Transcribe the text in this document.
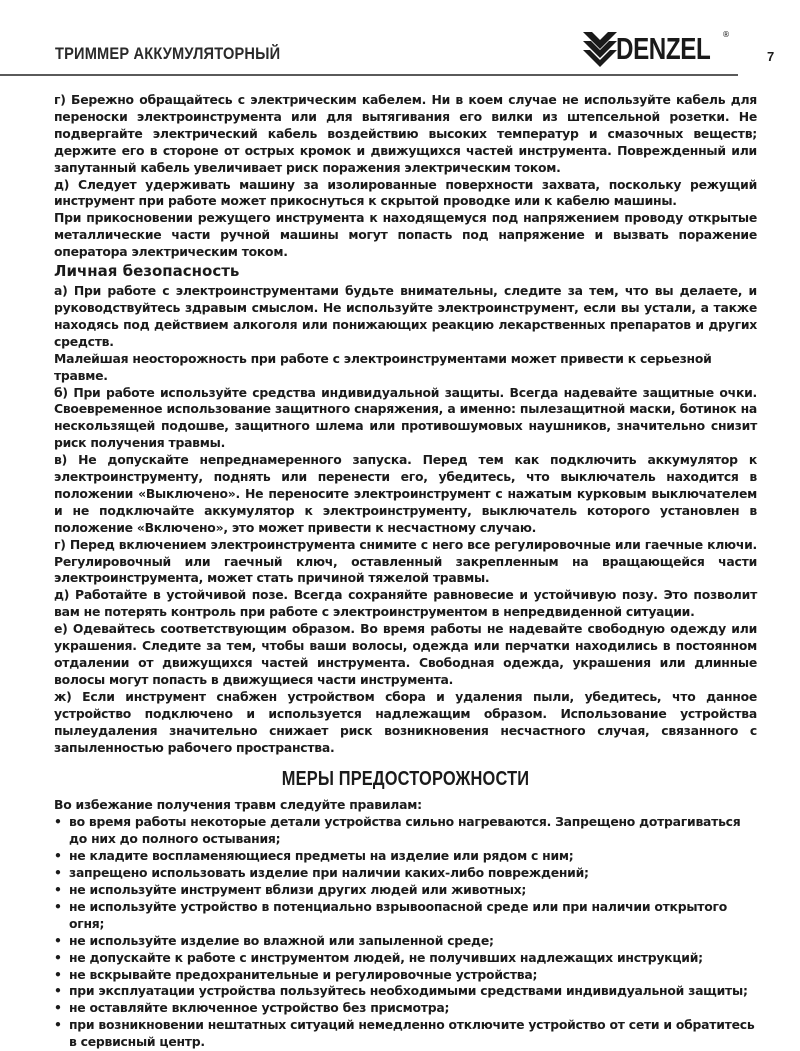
ТРИММЕР АККУМУЛЯТОРНЫЙ	DENZEL ®
7

г) Бережно обращайтесь с электрическим кабелем. Ни в коем случае не используйте кабель для переноски электроинструмента или для вытягивания его вилки из штепсельной розетки. Не подвергайте электрический кабель воздействию высоких температур и смазочных веществ; держите его в стороне от острых кромок и движущихся частей инструмента. Поврежденный или запутанный кабель увеличивает риск поражения электрическим током.

д) Следует удерживать машину за изолированные поверхности захвата, поскольку режущий инструмент при работе может прикоснуться к скрытой проводке или к кабелю машины.

При прикосновении режущего инструмента к находящемуся под напряжением проводу открытые металлические части ручной машины могут попасть под напряжение и вызвать поражение оператора электрическим током.

Личная безопасность

а) При работе с электроинструментами будьте внимательны, следите за тем, что вы делаете, и руководствуйтесь здравым смыслом. Не используйте электроинструмент, если вы устали, а также находясь под действием алкоголя или понижающих реакцию лекарственных препаратов и других средств.

Малейшая неосторожность при работе с электроинструментами может привести к серьезной травме.

б) При работе используйте средства индивидуальной защиты. Всегда надевайте защитные очки. Своевременное использование защитного снаряжения, а именно: пылезащитной маски, ботинок на нескользящей подошве, защитного шлема или противошумовых наушников, значительно снизит риск получения травмы.

в) Не допускайте непреднамеренного запуска. Перед тем как подключить аккумулятор к электроинструменту, поднять или перенести его, убедитесь, что выключатель находится в положении «Выключено». Не переносите электроинструмент с нажатым курковым выключателем и не подключайте аккумулятор к электроинструменту, выключатель которого установлен в положение «Включено», это может привести к несчастному случаю.

г) Перед включением электроинструмента снимите с него все регулировочные или гаечные ключи. Регулировочный или гаечный ключ, оставленный закрепленным на вращающейся части электроинструмента, может стать причиной тяжелой травмы.

д) Работайте в устойчивой позе. Всегда сохраняйте равновесие и устойчивую позу. Это позволит вам не потерять контроль при работе с электроинструментом в непредвиденной ситуации.

е) Одевайтесь соответствующим образом. Во время работы не надевайте свободную одежду или украшения. Следите за тем, чтобы ваши волосы, одежда или перчатки находились в постоянном отдалении от движущихся частей инструмента. Свободная одежда, украшения или длинные волосы могут попасть в движущиеся части инструмента.

ж) Если инструмент снабжен устройством сбора и удаления пыли, убедитесь, что данное устройство подключено и используется надлежащим образом. Использование устройства пылеудаления значительно снижает риск возникновения несчастного случая, связанного с запыленностью рабочего пространства.

МЕРЫ ПРЕДОСТОРОЖНОСТИ

Во избежание получения травм следуйте правилам:

• во время работы некоторые детали устройства сильно нагреваются. Запрещено дотрагиваться до них до полного остывания;
• не кладите воспламеняющиеся предметы на изделие или рядом с ним;
• запрещено использовать изделие при наличии каких-либо повреждений;
• не используйте инструмент вблизи других людей или животных;
• не используйте устройство в потенциально взрывоопасной среде или при наличии открытого огня;
• не используйте изделие во влажной или запыленной среде;
• не допускайте к работе с инструментом людей, не получивших надлежащих инструкций;
• не вскрывайте предохранительные и регулировочные устройства;
• при эксплуатации устройства пользуйтесь необходимыми средствами индивидуальной защиты;
• не оставляйте включенное устройство без присмотра;
• при возникновении нештатных ситуаций немедленно отключите устройство от сети и обратитесь в сервисный центр.
